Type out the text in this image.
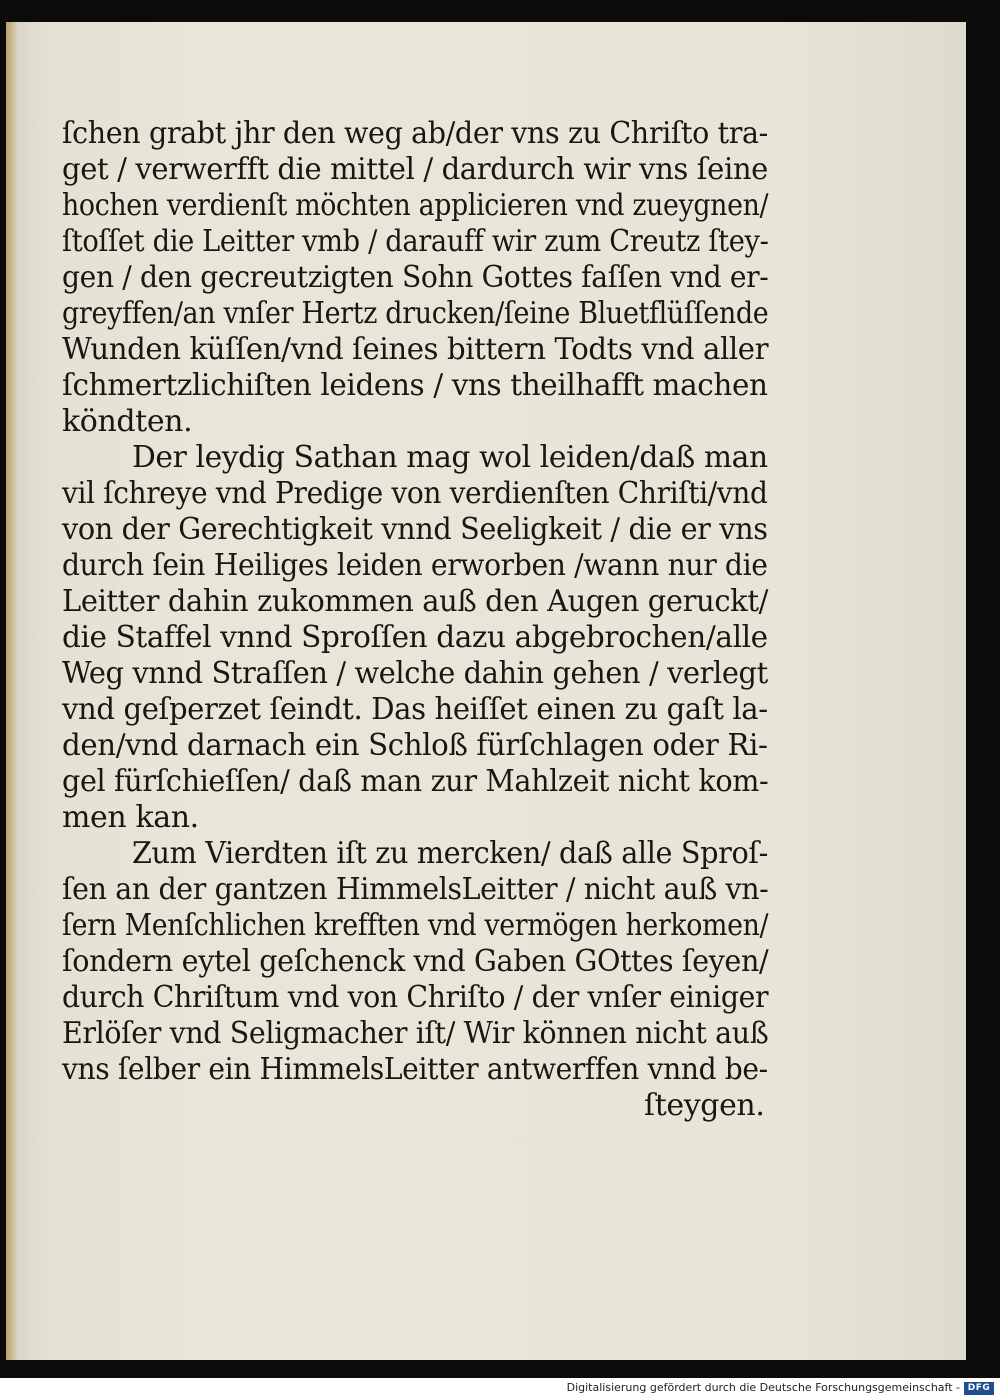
ſchen grabt jhr den weg ab/der vns zu Chriſto tra-
get / verwerfft die mittel / dardurch wir vns ſeine
hochen verdienſt möchten applicieren vnd zueygnen/
ſtoſſet die Leitter vmb / darauff wir zum Creutz ſtey-
gen / den gecreutzigten Sohn Gottes faſſen vnd er-
greyffen/an vnſer Hertz drucken/ſeine Bluetflüſſende
Wunden küſſen/vnd ſeines bittern Todts vnd aller
ſchmertzlichiſten leidens / vns theilhafft machen
köndten.
Der leydig Sathan mag wol leiden/daß man
vil ſchreye vnd Predige von verdienſten Chriſti/vnd
von der Gerechtigkeit vnnd Seeligkeit / die er vns
durch ſein Heiliges leiden erworben /wann nur die
Leitter dahin zukommen auß den Augen geruckt/
die Staffel vnnd Sproſſen dazu abgebrochen/alle
Weg vnnd Straſſen / welche dahin gehen / verlegt
vnd geſperzet ſeindt. Das heiſſet einen zu gaſt la-
den/vnd darnach ein Schloß fürſchlagen oder Ri-
gel fürſchieſſen/ daß man zur Mahlzeit nicht kom-
men kan.
Zum Vierdten iſt zu mercken/ daß alle Sproſ-
ſen an der gantzen HimmelsLeitter / nicht auß vn-
ſern Menſchlichen krefften vnd vermögen herkomen/
ſondern eytel geſchenck vnd Gaben GOttes ſeyen/
durch Chriſtum vnd von Chriſto / der vnſer einiger
Erlöſer vnd Seligmacher iſt/ Wir können nicht auß
vns ſelber ein HimmelsLeitter antwerffen vnnd be-
ſteygen.
Digitalisierung gefördert durch die Deutsche Forschungsgemeinschaft - DFG
